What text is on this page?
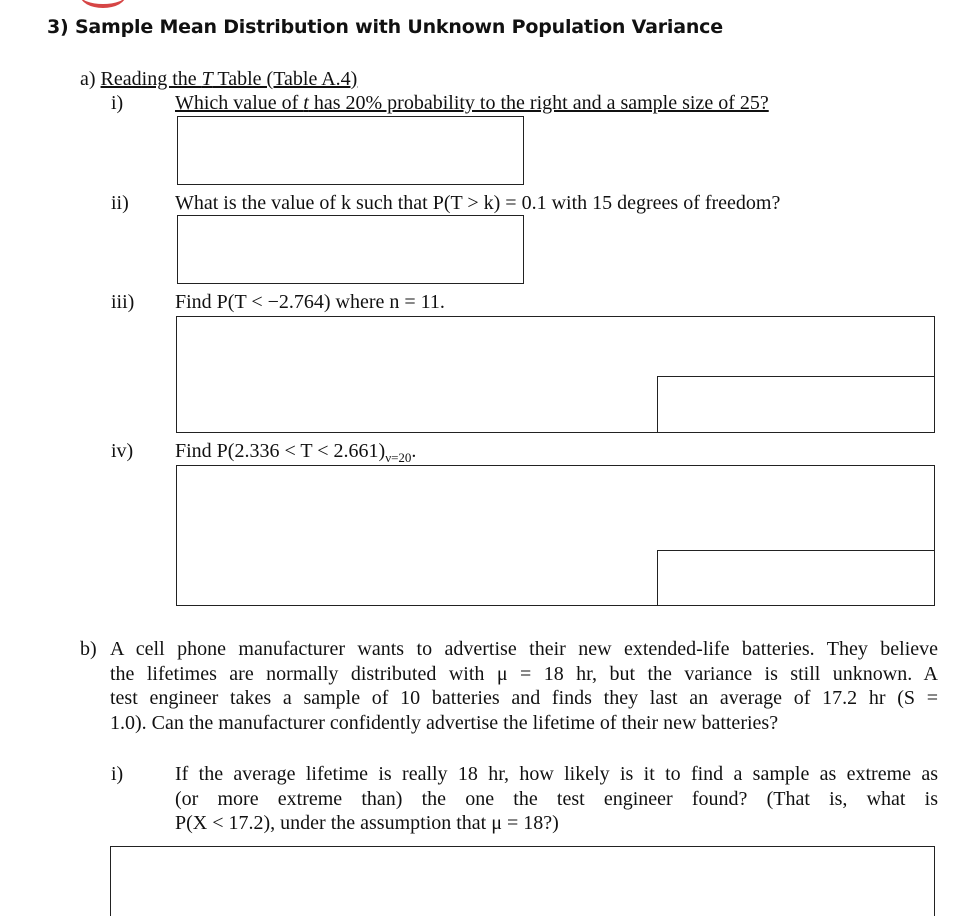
3) Sample Mean Distribution with Unknown Population Variance
a) Reading the T Table (Table A.4)
i)	Which value of t has 20% probability to the right and a sample size of 25?
ii) What is the value of k such that P(T > k) = 0.1 with 15 degrees of freedom?
iii) Find P(T < −2.764) where n = 11.
iv) Find $P(2.336 < T < 2.661)_{\nu=20}$.
b) A cell phone manufacturer wants to advertise their new extended-life batteries. They believe
the lifetimes are normally distributed with μ = 18 hr, but the variance is still unknown. A
test engineer takes a sample of 10 batteries and finds they last an average of 17.2 hr (S =
1.0). Can the manufacturer confidently advertise the lifetime of their new batteries?
i)	If the average lifetime is really 18 hr, how likely is it to find a sample as extreme as
(or more extreme than) the one the test engineer found? (That is, what is
P(X < 17.2), under the assumption that μ = 18?)
